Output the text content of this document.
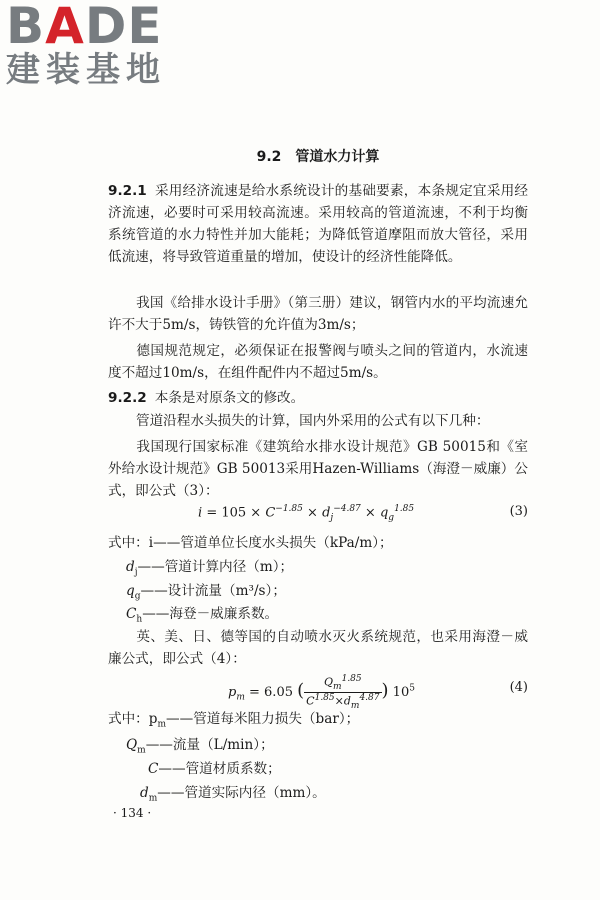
B A D E
建装基地
9.2 管道水力计算
9.2.1 采用经济流速是给水系统设计的基础要素，本条规定宜采用经济流速，必要时可采用较高流速。采用较高的管道流速，不利于均衡系统管道的水力特性并加大能耗；为降低管道摩阻而放大管径，采用低流速，将导致管道重量的增加，使设计的经济性能降低。
我国《给排水设计手册》（第三册）建议，钢管内水的平均流速允许不大于5m/s，铸铁管的允许值为3m/s；
德国规范规定，必须保证在报警阀与喷头之间的管道内，水流速度不超过10m/s，在组件配件内不超过5m/s。
9.2.2 本条是对原条文的修改。
管道沿程水头损失的计算，国内外采用的公式有以下几种：
我国现行国家标准《建筑给水排水设计规范》GB 50015和《室外给水设计规范》GB 50013采用Hazen-Williams（海澄－威廉）公式，即公式（3）：
$i = 105 \times C^{-1.85} \times d_j^{-4.87} \times q_g^{1.85}$	(3)
式中：i——管道单位长度水头损失（kPa/m）；
$d_j——$管道计算内径（m）；
$q_g——$设计流量（m³/s）；
$C_h——$海登－威廉系数。
英、美、日、德等国的自动喷水灭火系统规范，也采用海澄－威廉公式，即公式（4）：
$p_m = 6.05$ ( $\frac{Q_m^{1.85}}{C^{1.85}\times d_m^{4.87}}$ ) $10^5$	(4)
式中：$p_m——$管道每米阻力损失（bar）；
$Q_m——$流量（L/min）；
C——管道材质系数；
$d_m——$管道实际内径（mm）。
· 134 ·
